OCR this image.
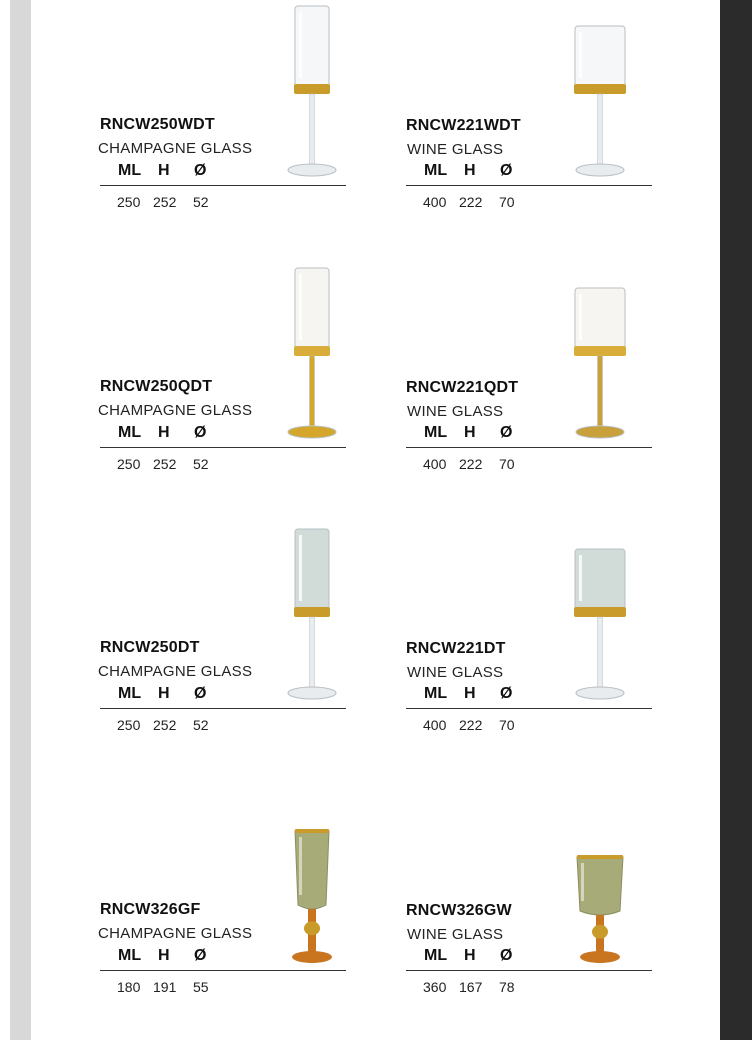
RNCW250WDT
CHAMPAGNE GLASS
ML H Ø
250 252 52
RNCW221WDT
WINE GLASS
ML H Ø
400 222 70
RNCW250QDT
CHAMPAGNE GLASS
ML H Ø
250 252 52
RNCW221QDT
WINE GLASS
ML H Ø
400 222 70
RNCW250DT
CHAMPAGNE GLASS
ML H Ø
250 252 52
RNCW221DT
WINE GLASS
ML H Ø
400 222 70
RNCW326GF
CHAMPAGNE GLASS
ML H Ø
180 191 55
RNCW326GW
WINE GLASS
ML H Ø
360 167 78
